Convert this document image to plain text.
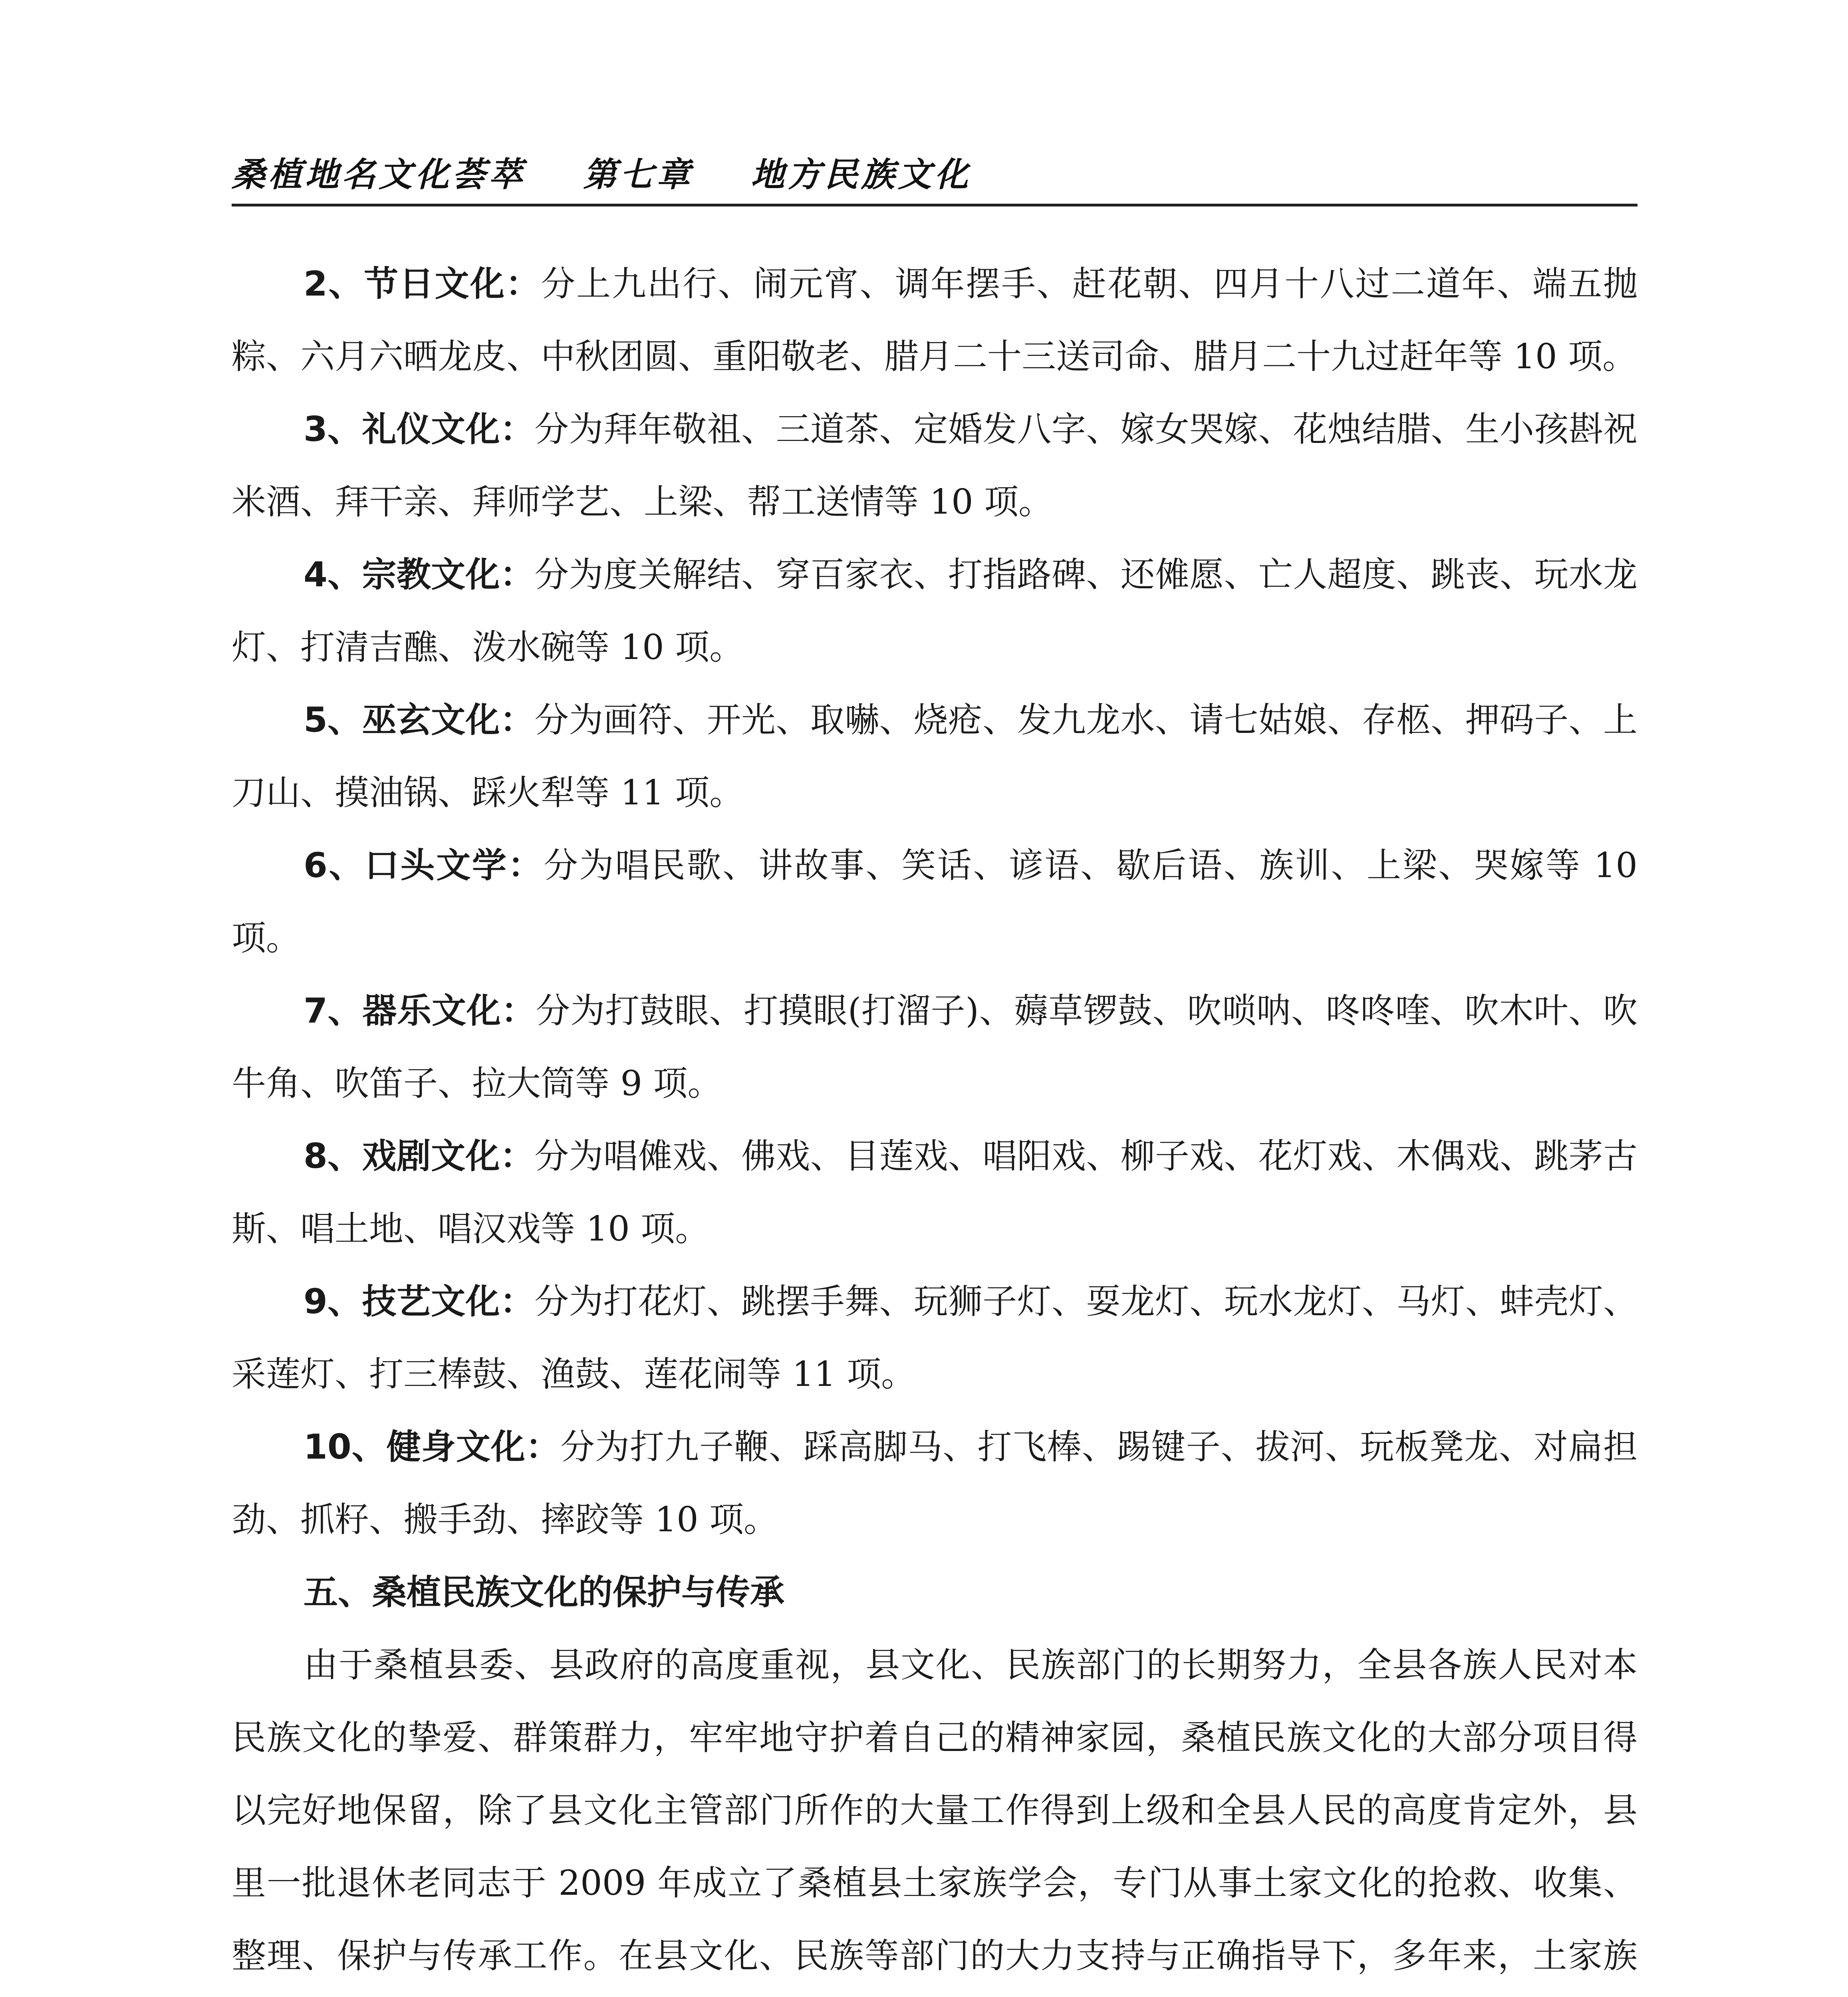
桑植地名文化荟萃 第七章 地方民族文化

2、节日文化：分上九出行、闹元宵、调年摆手、赶花朝、四月十八过二道年、端五抛粽、六月六晒龙皮、中秋团圆、重阳敬老、腊月二十三送司命、腊月二十九过赶年等 10 项。

3、礼仪文化：分为拜年敬祖、三道茶、定婚发八字、嫁女哭嫁、花烛结腊、生小孩斟祝米酒、拜干亲、拜师学艺、上梁、帮工送情等 10 项。

4、宗教文化：分为度关解结、穿百家衣、打指路碑、还傩愿、亡人超度、跳丧、玩水龙灯、打清吉醮、泼水碗等 10 项。

5、巫玄文化：分为画符、开光、取嚇、烧疮、发九龙水、请七姑娘、存柩、押码子、上刀山、摸油锅、踩火犁等 11 项。

6、口头文学：分为唱民歌、讲故事、笑话、谚语、歇后语、族训、上梁、哭嫁等 10 项。

7、器乐文化：分为打鼓眼、打摸眼(打溜子)、薅草锣鼓、吹唢呐、咚咚喹、吹木叶、吹牛角、吹笛子、拉大筒等 9 项。

8、戏剧文化：分为唱傩戏、佛戏、目莲戏、唱阳戏、柳子戏、花灯戏、木偶戏、跳茅古斯、唱土地、唱汉戏等 10 项。

9、技艺文化：分为打花灯、跳摆手舞、玩狮子灯、耍龙灯、玩水龙灯、马灯、蚌壳灯、采莲灯、打三棒鼓、渔鼓、莲花闹等 11 项。

10、健身文化：分为打九子鞭、踩高脚马、打飞棒、踢键子、拔河、玩板凳龙、对扁担劲、抓籽、搬手劲、摔跤等 10 项。

五、桑植民族文化的保护与传承

由于桑植县委、县政府的高度重视，县文化、民族部门的长期努力，全县各族人民对本民族文化的挚爱、群策群力，牢牢地守护着自己的精神家园，桑植民族文化的大部分项目得以完好地保留，除了县文化主管部门所作的大量工作得到上级和全县人民的高度肯定外，县里一批退休老同志于 2009 年成立了桑植县土家族学会，专门从事土家文化的抢救、收集、整理、保护与传承工作。在县文化、民族等部门的大力支持与正确指导下，多年来，土家族
